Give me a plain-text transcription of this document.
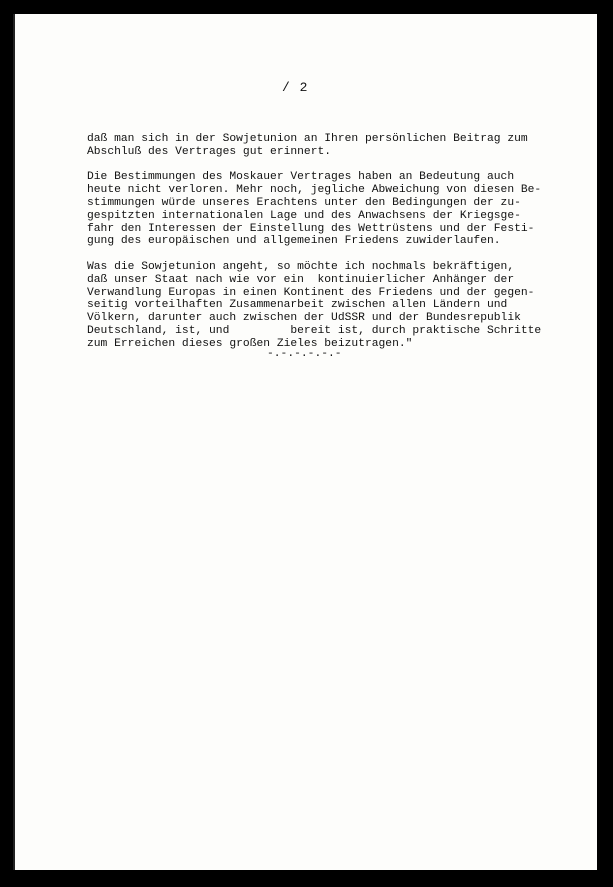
/ 2
daß man sich in der Sowjetunion an Ihren persönlichen Beitrag zum
Abschluß des Vertrages gut erinnert.
Die Bestimmungen des Moskauer Vertrages haben an Bedeutung auch
heute nicht verloren. Mehr noch, jegliche Abweichung von diesen Be-
stimmungen würde unseres Erachtens unter den Bedingungen der zu-
gespitzten internationalen Lage und des Anwachsens der Kriegsge-
fahr den Interessen der Einstellung des Wettrüstens und der Festi-
gung des europäischen und allgemeinen Friedens zuwiderlaufen.
Was die Sowjetunion angeht, so möchte ich nochmals bekräftigen,
daß unser Staat nach wie vor ein  kontinuierlicher Anhänger der
Verwandlung Europas in einen Kontinent des Friedens und der gegen-
seitig vorteilhaften Zusammenarbeit zwischen allen Ländern und
Völkern, darunter auch zwischen der UdSSR und der Bundesrepublik
Deutschland, ist, und         bereit ist, durch praktische Schritte
zum Erreichen dieses großen Zieles beizutragen."
-.-.-.-.-.-
